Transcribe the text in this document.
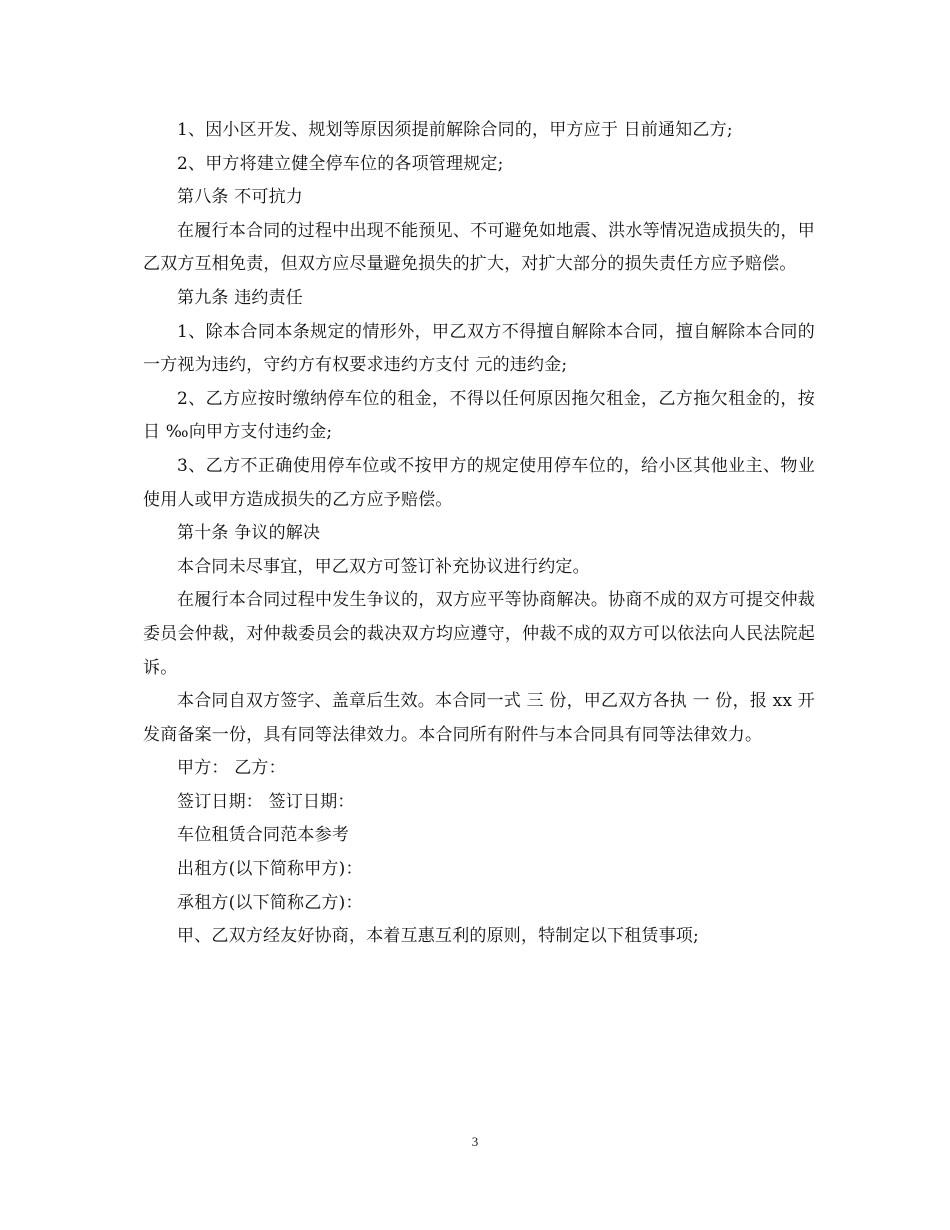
1、因小区开发、规划等原因须提前解除合同的，甲方应于 日前通知乙方;

2、甲方将建立健全停车位的各项管理规定;

第八条 不可抗力

在履行本合同的过程中出现不能预见、不可避免如地震、洪水等情况造成损失的，甲乙双方互相免责，但双方应尽量避免损失的扩大，对扩大部分的损失责任方应予赔偿。

第九条 违约责任

1、除本合同本条规定的情形外，甲乙双方不得擅自解除本合同，擅自解除本合同的一方视为违约，守约方有权要求违约方支付 元的违约金;

2、乙方应按时缴纳停车位的租金，不得以任何原因拖欠租金，乙方拖欠租金的，按日 ‰向甲方支付违约金;

3、乙方不正确使用停车位或不按甲方的规定使用停车位的，给小区其他业主、物业使用人或甲方造成损失的乙方应予赔偿。

第十条 争议的解决

本合同未尽事宜，甲乙双方可签订补充协议进行约定。

在履行本合同过程中发生争议的，双方应平等协商解决。协商不成的双方可提交仲裁委员会仲裁，对仲裁委员会的裁决双方均应遵守，仲裁不成的双方可以依法向人民法院起诉。

本合同自双方签字、盖章后生效。本合同一式 三 份，甲乙双方各执 一 份，报 xx 开发商备案一份，具有同等法律效力。本合同所有附件与本合同具有同等法律效力。

甲方： 乙方：

签订日期： 签订日期：

车位租赁合同范本参考

出租方(以下简称甲方)：

承租方(以下简称乙方)：

甲、乙双方经友好协商，本着互惠互利的原则，特制定以下租赁事项;

3
